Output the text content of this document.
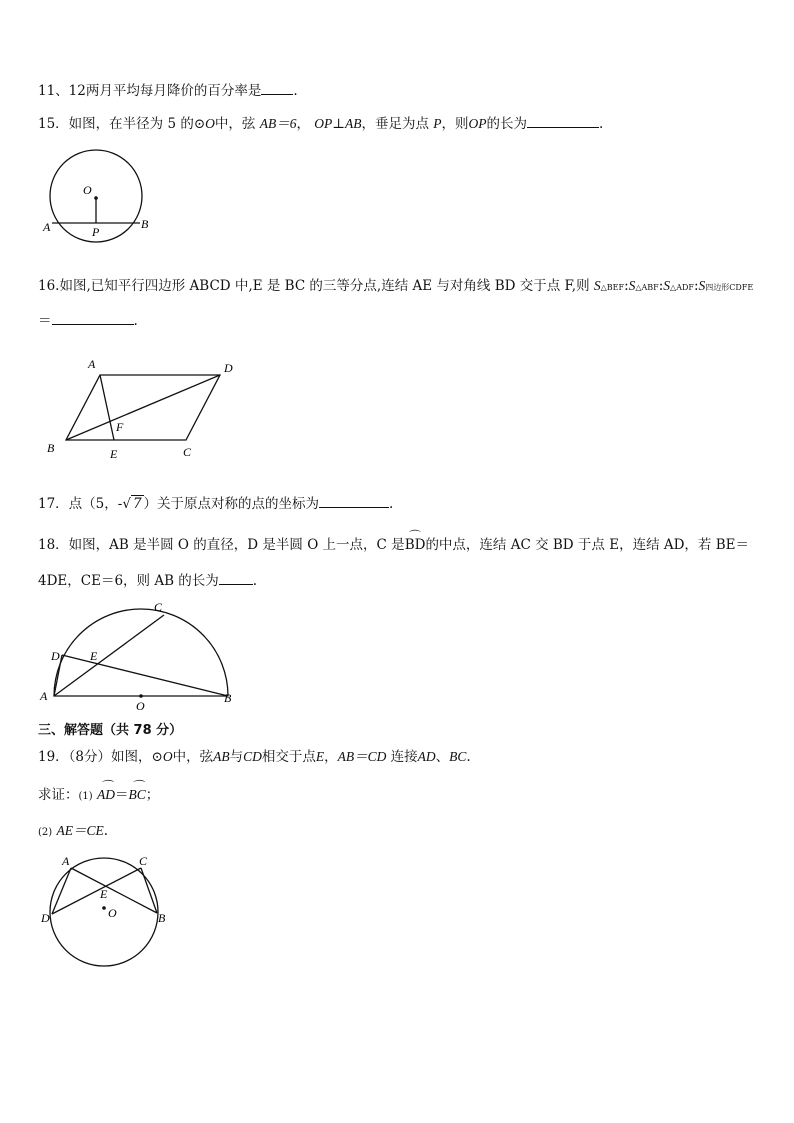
11、12两月平均每月降价的百分率是 .
15．如图，在半径为 5 的⊙O中，弦 AB＝6， OP⊥AB，垂足为点 P，则OP的长为	.
O
A	B
P
16.如图,已知平行四边形 ABCD 中,E 是 BC 的三等分点,连结 AE 与对角线 BD 交于点 F,则 S△BEF:S△ABF:S△ADF:S四边形CDFE
＝	.
A	D
B	E	C
F
17．点（5，-√ 7 ）关于原点对称的点的坐标为	.
18．如图，AB 是半圆 O 的直径，D 是半圆 O 上一点，C 是⌒ BD的中点，连结 AC 交 BD 于点 E，连结 AD，若 BE＝
4DE，CE＝6，则 AB 的长为	.
C
D	E
A	B
O
三、解答题（共 78 分）
19．（8分）如图，⊙O中，弦AB与CD相交于点E，AB＝CD 连接AD、BC.
求证：(1) ⌒ AD＝⌒ BC；
(2) AE＝CE.
A	C
E
O
D	B
